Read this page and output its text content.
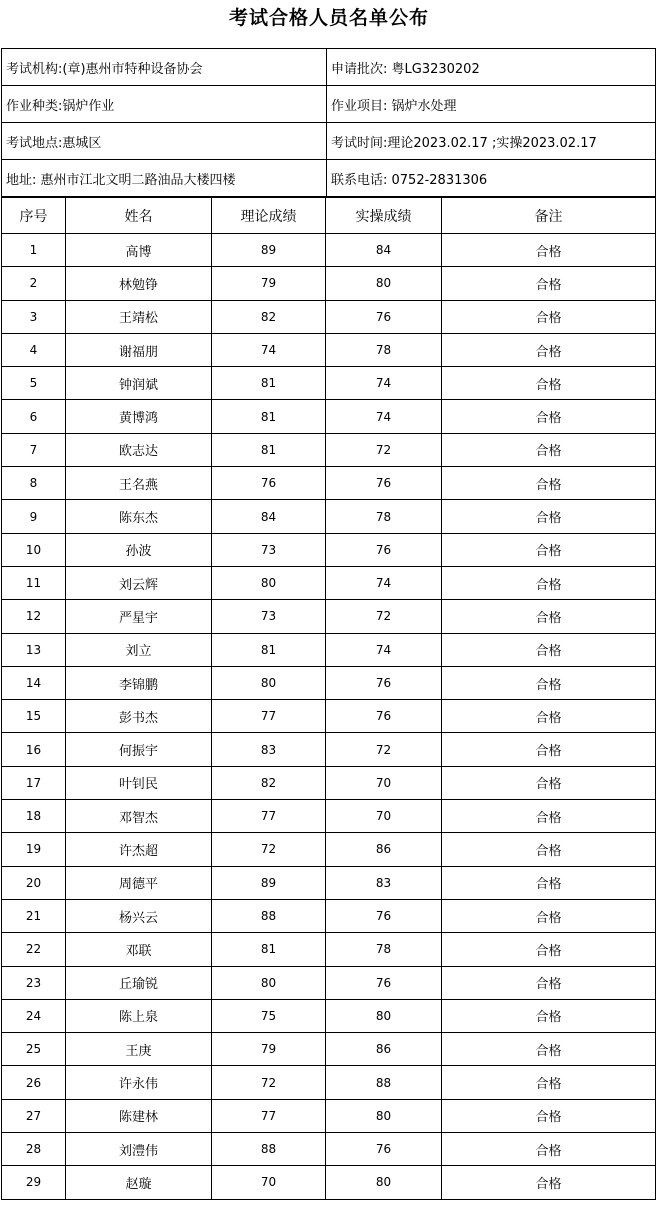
考试合格人员名单公布
考试机构:(章)惠州市特种设备协会	申请批次: 粤LG3230202
作业种类:锅炉作业	作业项目: 锅炉水处理
考试地点:惠城区	考试时间:理论2023.02.17 ;实操2023.02.17
地址: 惠州市江北文明二路油品大楼四楼	联系电话: 0752-2831306
序号	姓名	理论成绩	实操成绩	备注
1	高博	89	84	合格
2	林勉铮	79	80	合格
3	王靖松	82	76	合格
4	谢福朋	74	78	合格
5	钟润斌	81	74	合格
6	黄博鸿	81	74	合格
7	欧志达	81	72	合格
8	王名燕	76	76	合格
9	陈东杰	84	78	合格
10	孙波	73	76	合格
11	刘云辉	80	74	合格
12	严星宇	73	72	合格
13	刘立	81	74	合格
14	李锦鹏	80	76	合格
15	彭书杰	77	76	合格
16	何振宇	83	72	合格
17	叶钊民	82	70	合格
18	邓智杰	77	70	合格
19	许杰超	72	86	合格
20	周德平	89	83	合格
21	杨兴云	88	76	合格
22	邓联	81	78	合格
23	丘瑜锐	80	76	合格
24	陈上泉	75	80	合格
25	王庚	79	86	合格
26	许永伟	72	88	合格
27	陈建林	77	80	合格
28	刘澧伟	88	76	合格
29	赵璇	70	80	合格
